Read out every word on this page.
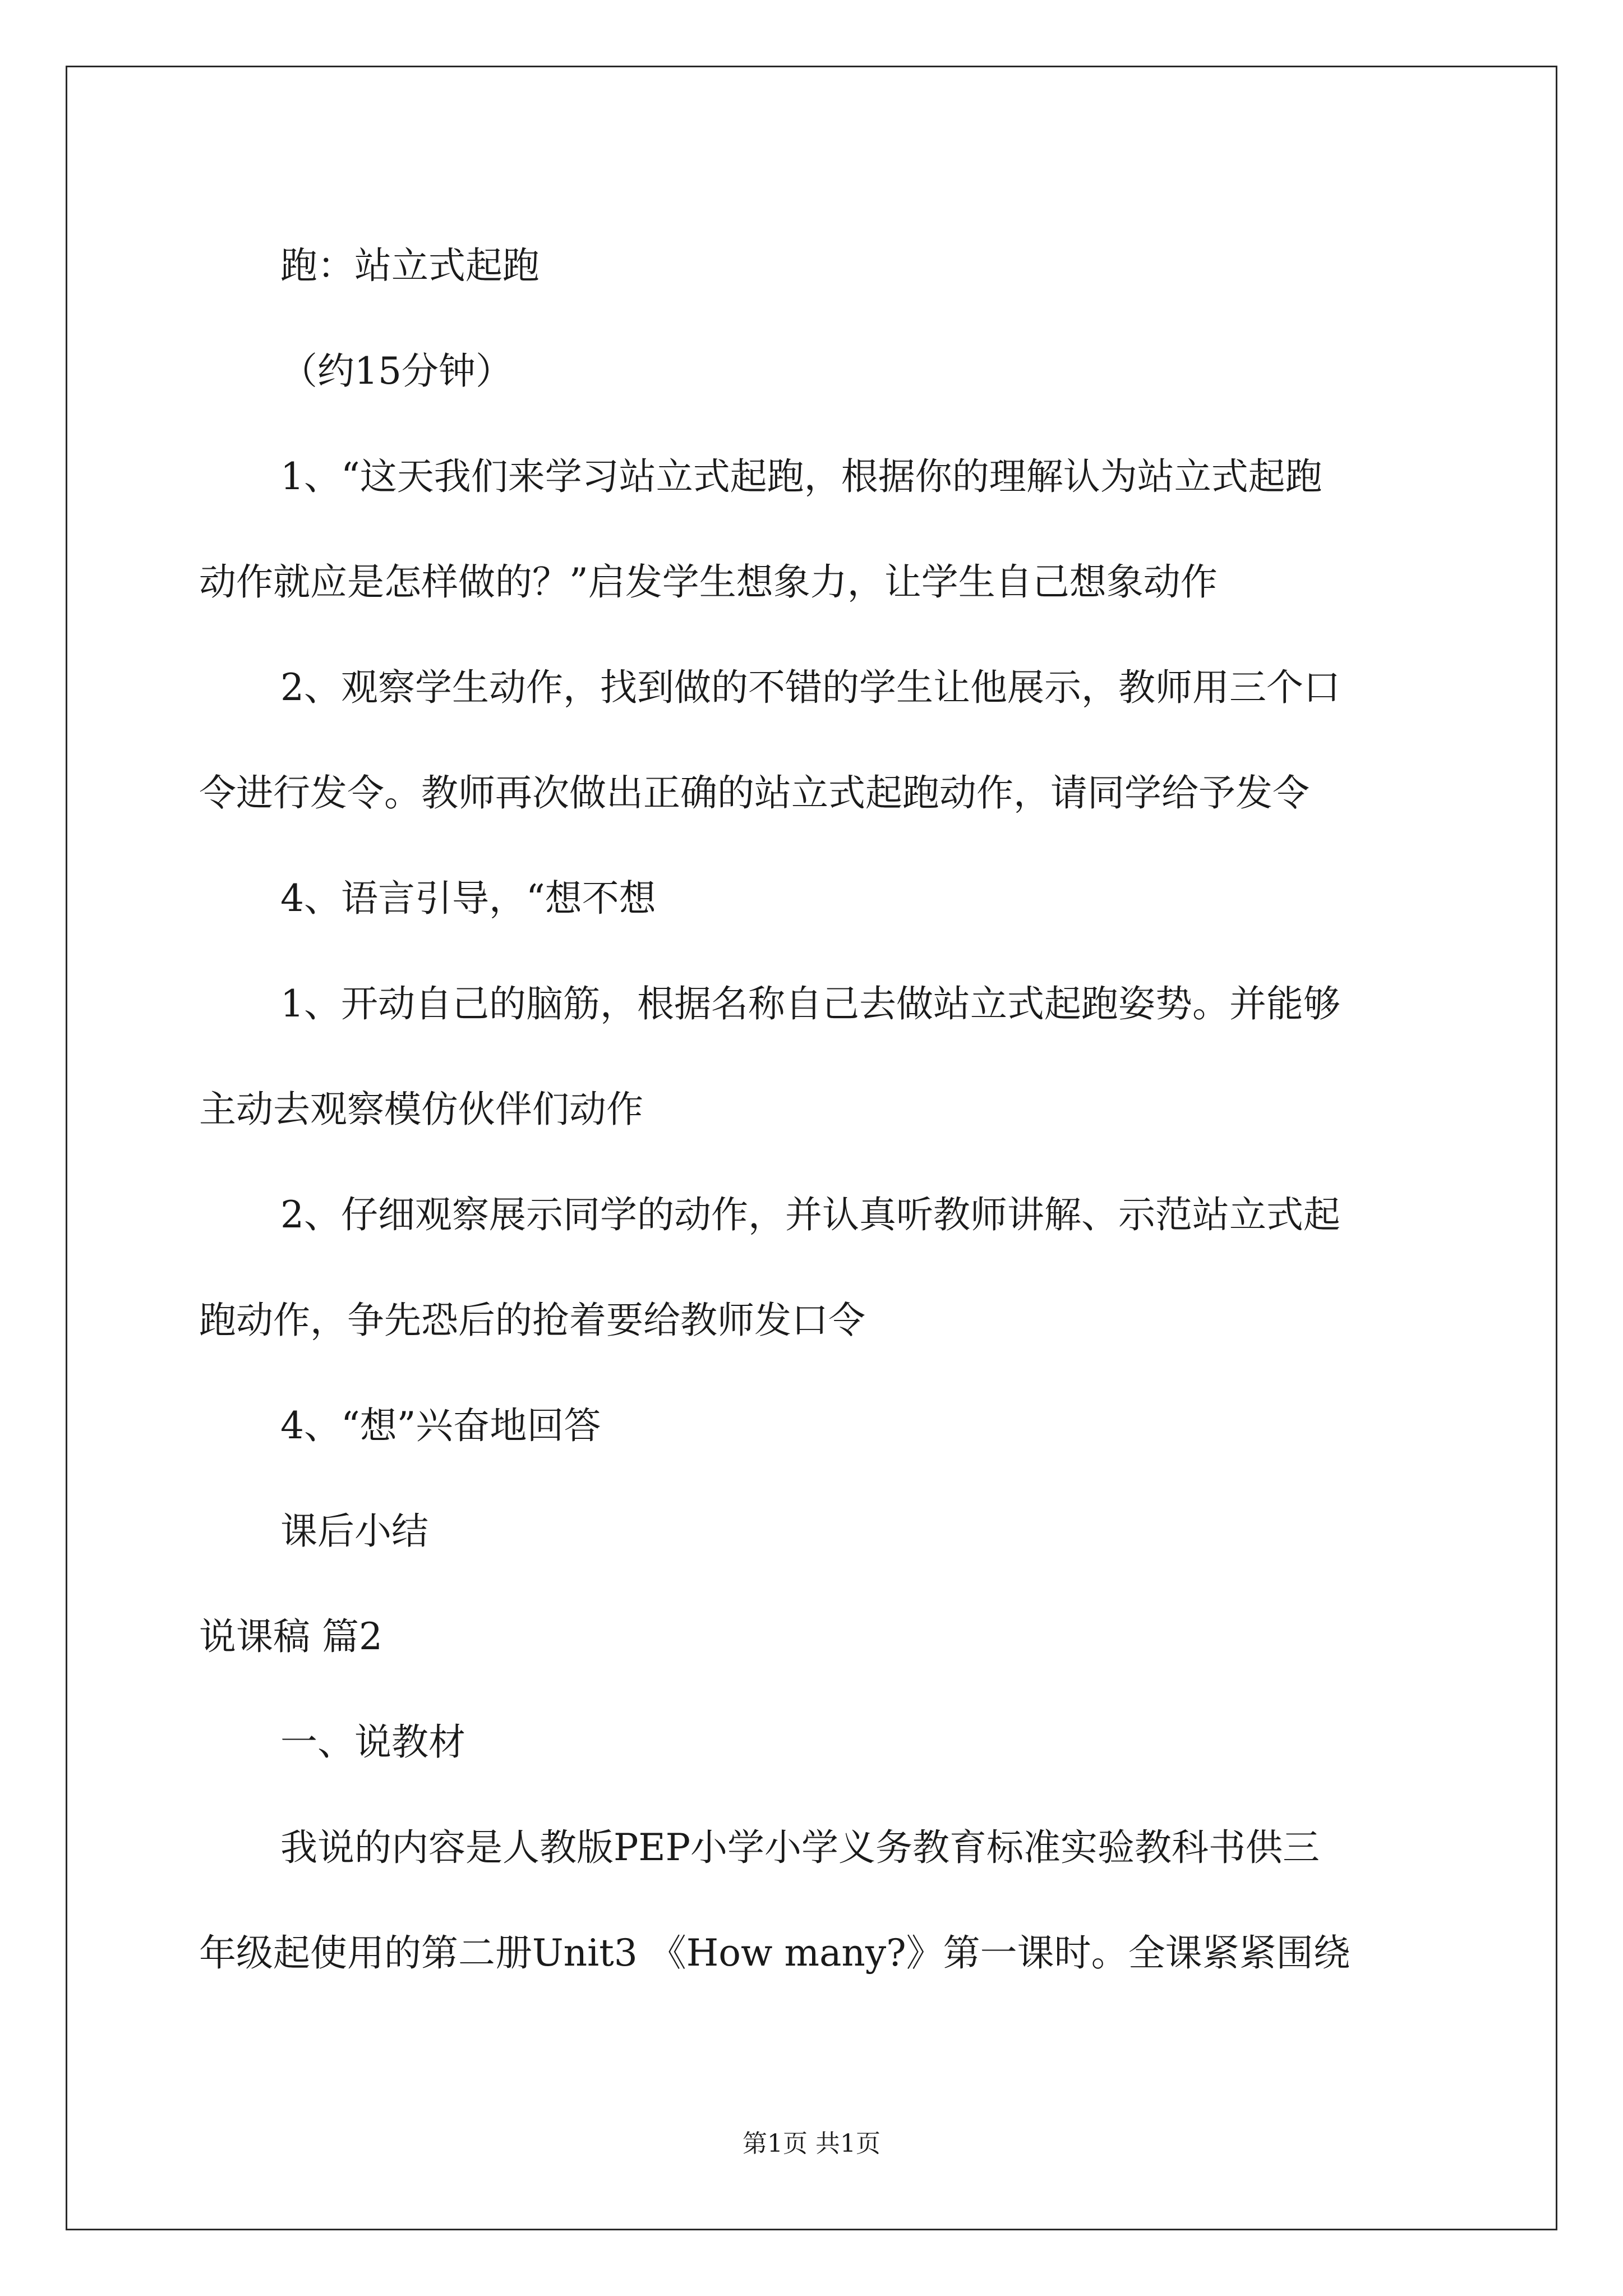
跑：站立式起跑

（约15分钟）

1、“这天我们来学习站立式起跑，根据你的理解认为站立式起跑

动作就应是怎样做的？”启发学生想象力，让学生自己想象动作

2、观察学生动作，找到做的不错的学生让他展示，教师用三个口

令进行发令。教师再次做出正确的站立式起跑动作，请同学给予发令

4、语言引导，“想不想

1、开动自己的脑筋，根据名称自己去做站立式起跑姿势。并能够

主动去观察模仿伙伴们动作

2、仔细观察展示同学的动作，并认真听教师讲解、示范站立式起

跑动作，争先恐后的抢着要给教师发口令

4、“想”兴奋地回答

课后小结

说课稿 篇2

一、说教材

我说的内容是人教版PEP小学小学义务教育标准实验教科书供三

年级起使用的第二册Unit3 《How many?》第一课时。全课紧紧围绕

第1页 共1页
